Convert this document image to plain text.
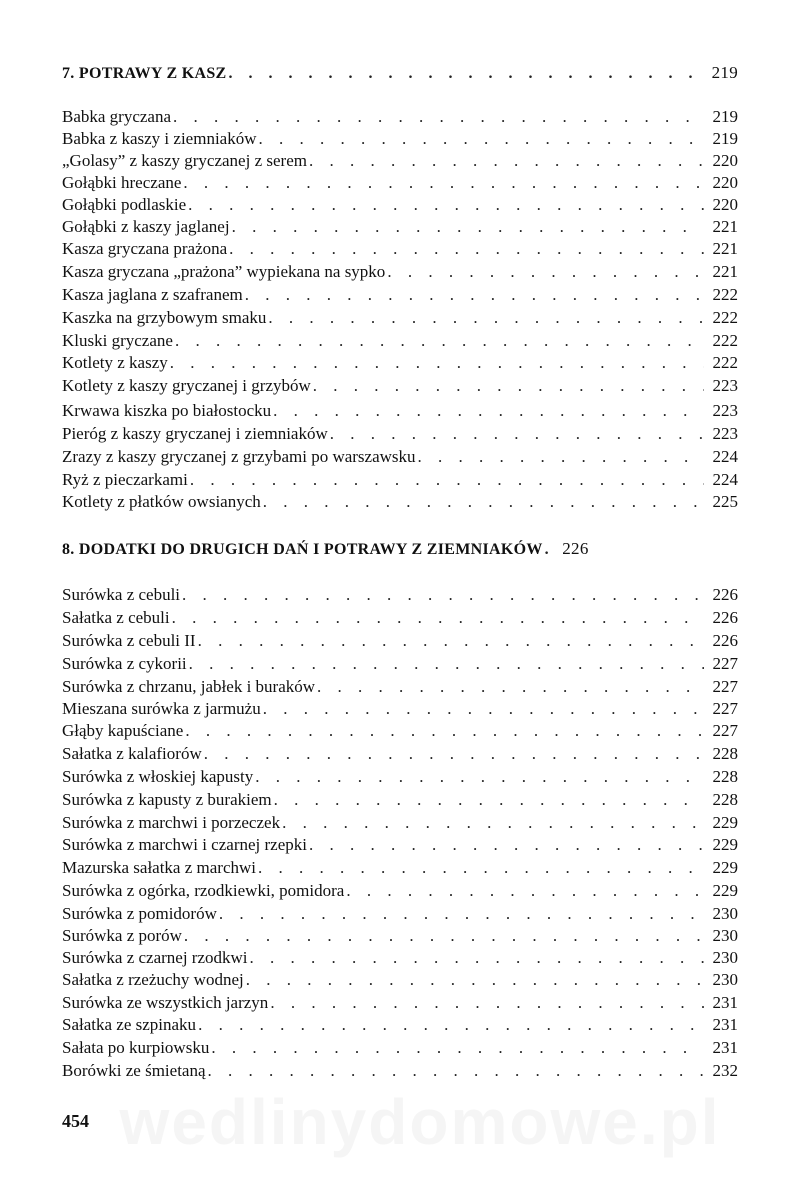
7. POTRAWY Z KASZ . . .	219
Babka gryczana . . .	219
Babka z kaszy i ziemniaków . . .	219
„Golasy” z kaszy gryczanej z serem . . .	220
Gołąbki hreczane . . .	220
Gołąbki podlaskie . . .	220
Gołąbki z kaszy jaglanej . . .	221
Kasza gryczana prażona . . .	221
Kasza gryczana „prażona” wypiekana na sypko . . .	221
Kasza jaglana z szafranem . . .	222
Kaszka na grzybowym smaku . . .	222
Kluski gryczane . . .	222
Kotlety z kaszy . . .	222
Kotlety z kaszy gryczanej i grzybów . . .	223
Krwawa kiszka po białostocku . . .	223
Pieróg z kaszy gryczanej i ziemniaków . . .	223
Zrazy z kaszy gryczanej z grzybami po warszawsku . . .	224
Ryż z pieczarkami . . .	224
Kotlety z płatków owsianych . . .	225
8. DODATKI DO DRUGICH DAŃ I POTRAWY Z ZIEMNIAKÓW . . . 226
Surówka z cebuli . . .	226
Sałatka z cebuli . . .	226
Surówka z cebuli II . . .	226
Surówka z cykorii . . .	227
Surówka z chrzanu, jabłek i buraków . . .	227
Mieszana surówka z jarmużu . . .	227
Głąby kapuściane . . .	227
Sałatka z kalafiorów . . .	228
Surówka z włoskiej kapusty . . .	228
Surówka z kapusty z burakiem . . .	228
Surówka z marchwi i porzeczek . . .	229
Surówka z marchwi i czarnej rzepki . . .	229
Mazurska sałatka z marchwi . . .	229
Surówka z ogórka, rzodkiewki, pomidora . . .	229
Surówka z pomidorów . . .	230
Surówka z porów . . .	230
Surówka z czarnej rzodkwi . . .	230
Sałatka z rzeżuchy wodnej . . .	230
Surówka ze wszystkich jarzyn . . .	231
Sałatka ze szpinaku . . .	231
Sałata po kurpiowsku . . .	231
Borówki ze śmietaną . . .	232
wedlinydomowe.pl
454
